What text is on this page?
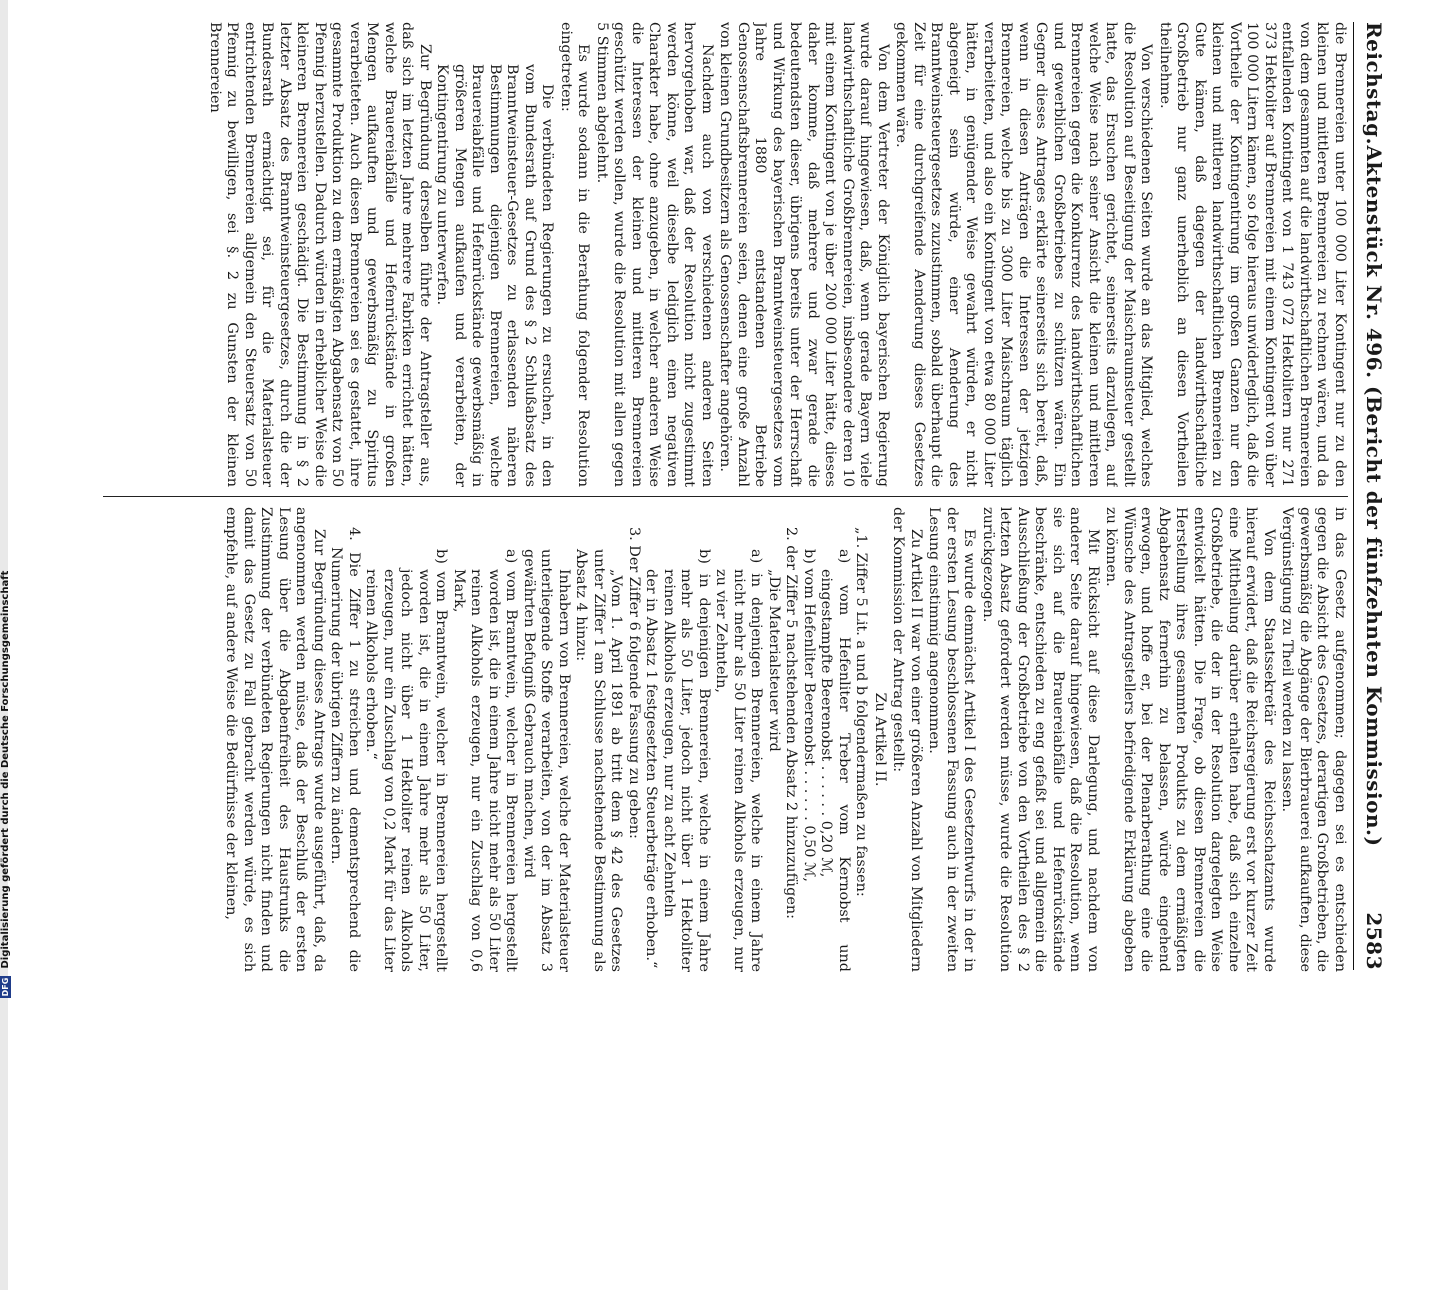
Reichstag.
Aktenstück Nr. 496. (Bericht der fünfzehnten Kommission.)
2583

die Brennereien unter 100 000 Liter Kontingent nur zu den kleinen und mittleren Brennereien zu rechnen wären, und da von dem gesammten auf die landwirthschaftlichen Brennereien entfallenden Kontingent von 1 743 072 Hektolitern nur 271 373 Hektoliter auf Brennereien mit einem Kontingent von über 100 000 Litern kämen, so folge hieraus unwiderleglich, daß die Vortheile der Kontingentirung im großen Ganzen nur den kleinen und mittleren landwirthschaftlichen Brennereien zu Gute kämen, daß dagegen der landwirthschaftliche Großbetrieb nur ganz unerheblich an diesen Vortheilen theilnehme.

Von verschiedenen Seiten wurde an das Mitglied, welches die Resolution auf Beseitigung der Maischraumsteuer gestellt hatte, das Ersuchen gerichtet, seinerseits darzulegen, auf welche Weise nach seiner Ansicht die kleinen und mittleren Brennereien gegen die Konkurrenz des landwirthschaftlichen und gewerblichen Großbetriebes zu schützen wären. Ein Gegner dieses Antrages erklärte seinerseits sich bereit, daß, wenn in diesen Anträgen die Interessen der jetzigen Brennereien, welche bis zu 3000 Liter Maischraum täglich verarbeiteten, und also ein Kontingent von etwa 80 000 Liter hätten, in genügender Weise gewahrt würden, er nicht abgeneigt sein würde, einer Aenderung des Branntweinsteuergesetzes zuzustimmen, sobald überhaupt die Zeit für eine durchgreifende Aenderung dieses Gesetzes gekommen wäre.

Von dem Vertreter der Königlich bayerischen Regierung wurde darauf hingewiesen, daß, wenn gerade Bayern viele landwirthschaftliche Großbrennereien, insbesondere deren 10 mit einem Kontingent von je über 200 000 Liter hätte, dieses daher komme, daß mehrere und zwar gerade die bedeutendsten dieser, übrigens bereits unter der Herrschaft und Wirkung des bayerischen Branntweinsteuergesetzes vom Jahre 1880 entstandenen Betriebe Genossenschaftsbrennereien seien, denen eine große Anzahl von kleinen Grundbesitzern als Genossenschafter angehören.

Nachdem auch von verschiedenen anderen Seiten hervorgehoben war, daß der Resolution nicht zugestimmt werden könne, weil dieselbe lediglich einen negativen Charakter habe, ohne anzugeben, in welcher anderen Weise die Interessen der kleinen und mittleren Brennereien geschützt werden sollen, wurde die Resolution mit allen gegen 5 Stimmen abgelehnt.

Es wurde sodann in die Berathung folgender Resolution eingetreten:

Die verbündeten Regierungen zu ersuchen, in den vom Bundesrath auf Grund des § 2 Schlußabsatz des Branntweinsteuer-Gesetzes zu erlassenden näheren Bestimmungen diejenigen Brennereien, welche Brauereiabfälle und Hefenrückstände gewerbsmäßig in größeren Mengen aufkaufen und verarbeiten, der Kontingentirung zu unterwerfen.

Zur Begründung derselben führte der Antragsteller aus, daß sich im letzten Jahre mehrere Fabriken errichtet hätten, welche Brauereiabfälle und Hefenrückstände in großen Mengen aufkauften und gewerbsmäßig zu Spiritus verarbeiteten. Auch diesen Brennereien sei es gestattet, ihre gesammte Produktion zu dem ermäßigten Abgabensatz von 50 Pfennig herzustellen. Dadurch würden in erheblicher Weise die kleineren Brennereien geschädigt. Die Bestimmung in § 2 letzter Absatz des Branntweinsteuergesetzes, durch die der Bundesrath ermächtigt sei, für die Materialsteuer entrichtenden Brennereien allgemein den Steuersatz von 50 Pfennig zu bewilligen, sei §. 2 zu Gunsten der kleinen Brennereien

in das Gesetz aufgenommen; dagegen sei es entschieden gegen die Absicht des Gesetzes, derartigen Großbetrieben, die gewerbsmäßig die Abgänge der Bierbrauerei aufkauften, diese Vergünstigung zu Theil werden zu lassen.

Von dem Staatssekretär des Reichsschatzamts wurde hierauf erwidert, daß die Reichsregierung erst vor kurzer Zeit eine Mittheilung darüber erhalten habe, daß sich einzelne Großbetriebe, die der in der Resolution dargelegten Weise entwickelt hätten. Die Frage, ob diesen Brennereien die Herstellung ihres gesammten Produkts zu dem ermäßigten Abgabensatz fernerhin zu belassen, würde eingehend erwogen, und hoffe er, bei der Plenarberathung eine die Wünsche des Antragstellers befriedigende Erklärung abgeben zu können.

Mit Rücksicht auf diese Darlegung, und nachdem von anderer Seite darauf hingewiesen, daß die Resolution, wenn sie sich auf die Brauereiabfälle und Hefenrückstände beschränke, entschieden zu eng gefaßt sei und allgemein die Ausschließung der Großbetriebe von den Vortheilen des § 2 letzten Absatz gefordert werden müsse, wurde die Resolution zurückgezogen.

Es wurde demnächst Artikel I des Gesetzentwurfs in der in der ersten Lesung beschlossenen Fassung auch in der zweiten Lesung einstimmig angenommen.

Zu Artikel II war von einer größeren Anzahl von Mitgliedern der Kommission der Antrag gestellt:

Zu Artikel II.

„1. Ziffer 5 Lit. a und b folgendermaßen zu fassen:

a) vom Hefenliter Treber vom Kernobst und eingestampfte Beerenobst . . . . . . 0,20 ℳ,

b) vom Hefenliter Beerenobst . . . . . . 0,50 ℳ,

2. der Ziffer 5 nachstehenden Absatz 2 hinzuzufügen:

„Die Materialsteuer wird

a) in denjenigen Brennereien, welche in einem Jahre nicht mehr als 50 Liter reinen Alkohols erzeugen, nur zu vier Zehnteln,

b) in denjenigen Brennereien, welche in einem Jahre mehr als 50 Liter, jedoch nicht über 1 Hektoliter reinen Alkohols erzeugen, nur zu acht Zehnteln

der in Absatz 1 festgesetzten Steuerbeträge erhoben.“

3. Der Ziffer 6 folgende Fassung zu geben:

„Vom 1. April 1891 ab tritt dem § 42 des Gesetzes unter Ziffer 1 am Schlusse nachstehende Bestimmung als Absatz 4 hinzu:

Inhabern von Brennereien, welche der Materialsteuer unterliegende Stoffe verarbeiten, von der im Absatz 3 gewährten Befugniß Gebrauch machen, wird

a) vom Branntwein, welcher in Brennereien hergestellt worden ist, die in einem Jahre nicht mehr als 50 Liter reinen Alkohols erzeugen, nur ein Zuschlag von 0,6 Mark,

b) vom Branntwein, welcher in Brennereien hergestellt worden ist, die in einem Jahre mehr als 50 Liter, jedoch nicht über 1 Hektoliter reinen Alkohols erzeugen, nur ein Zuschlag von 0,2 Mark für das Liter reinen Alkohols erhoben.“

4. Die Ziffer 1 zu streichen und dementsprechend die Numerirung der übrigen Ziffern zu ändern.

Zur Begründung dieses Antrags wurde ausgeführt, daß, da angenommen werden müsse, daß der Beschluß der ersten Lesung über die Abgabenfreiheit des Haustrunks die Zustimmung der verbündeten Regierungen nicht finden und damit das Gesetz zu Fall gebracht werden würde, es sich empfehle, auf andere Weise die Bedürfnisse der kleinen,

DFG Digitalisierung gefördert durch die Deutsche Forschungsgemeinschaft
